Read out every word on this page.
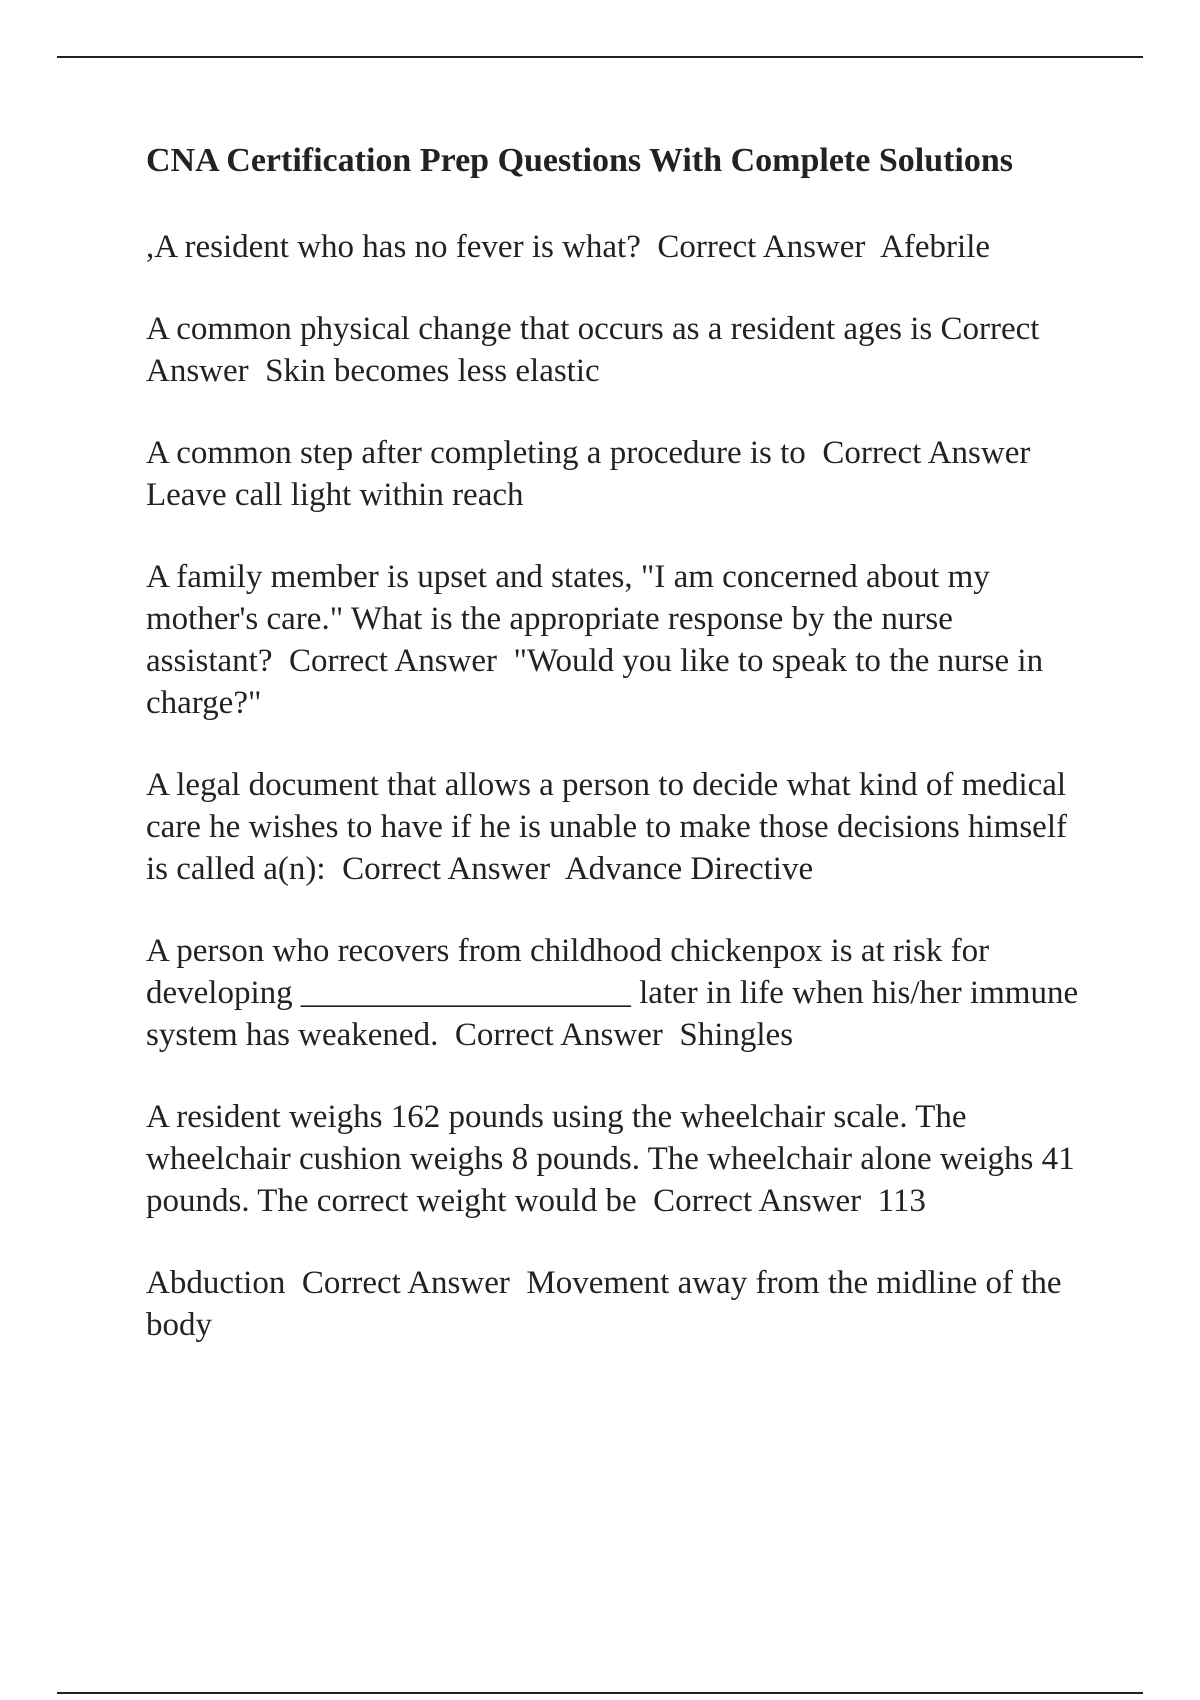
CNA Certification Prep Questions With Complete Solutions

,A resident who has no fever is what? Correct Answer Afebrile

A common physical change that occurs as a resident ages is Correct Answer Skin becomes less elastic

A common step after completing a procedure is to Correct Answer  Leave call light within reach

A family member is upset and states, "I am concerned about my mother's care." What is the appropriate response by the nurse assistant? Correct Answer "Would you like to speak to the nurse in charge?"

A legal document that allows a person to decide what kind of medical care he wishes to have if he is unable to make those decisions himself is called a(n): Correct Answer Advance Directive

A person who recovers from childhood chickenpox is at risk for developing ____________________ later in life when his/her immune system has weakened. Correct Answer Shingles

A resident weighs 162 pounds using the wheelchair scale. The wheelchair cushion weighs 8 pounds. The wheelchair alone weighs 41 pounds. The correct weight would be Correct Answer 113

Abduction Correct Answer Movement away from the midline of the body
